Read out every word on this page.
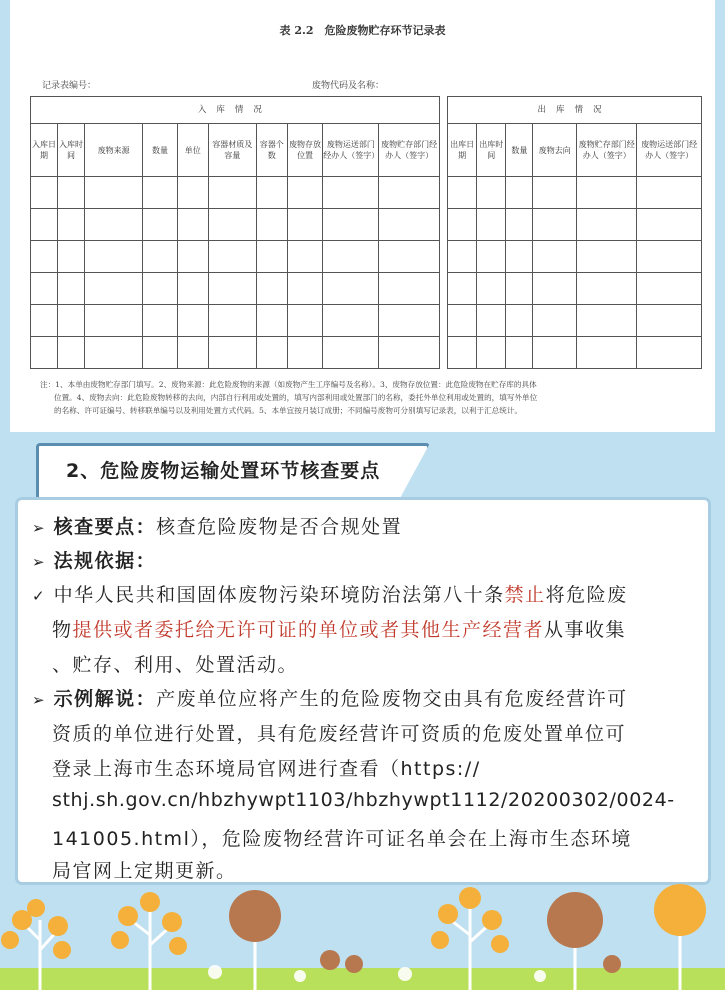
表 2.2　危险废物贮存环节记录表
记录表编号：	废物代码及名称：
入库情况											出库情况					
入库日期	入库时间	废物来源	数量	单位	容器材质及容量	容器个数	废物存放位置	废物运送部门经办人（签字）	废物贮存部门经办人（签字）		出库日期	出库时间	数量	废物去向	废物贮存部门经办人（签字）	废物运送部门经办人（签字）

注：1、本单由废物贮存部门填写。2、废物来源：此危险废物的来源（如废物产生工序编号及名称）。3、废物存放位置：此危险废物在贮存库的具体
位置。4、废物去向：此危险废物转移的去向，内部自行利用或处置的，填写内部利用或处置部门的名称，委托外单位利用或处置的，填写外单位
的名称、许可证编号、转移联单编号以及利用处置方式代码。5、本单宜按月装订成册；不同编号废物可分别填写记录表，以利于汇总统计。
2、危险废物运输处置环节核查要点
➢ 核查要点：核查危险废物是否合规处置
➢ 法规依据：
✓ 中华人民共和国固体废物污染环境防治法第八十条禁止将危险废
物提供或者委托给无许可证的单位或者其他生产经营者从事收集
、贮存、利用、处置活动。
➢ 示例解说：产废单位应将产生的危险废物交由具有危废经营许可
资质的单位进行处置，具有危废经营许可资质的危废处置单位可
登录上海市生态环境局官网进行查看（https://
sthj.sh.gov.cn/hbzhywpt1103/hbzhywpt1112/20200302/0024-
141005.html），危险废物经营许可证名单会在上海市生态环境
局官网上定期更新。
